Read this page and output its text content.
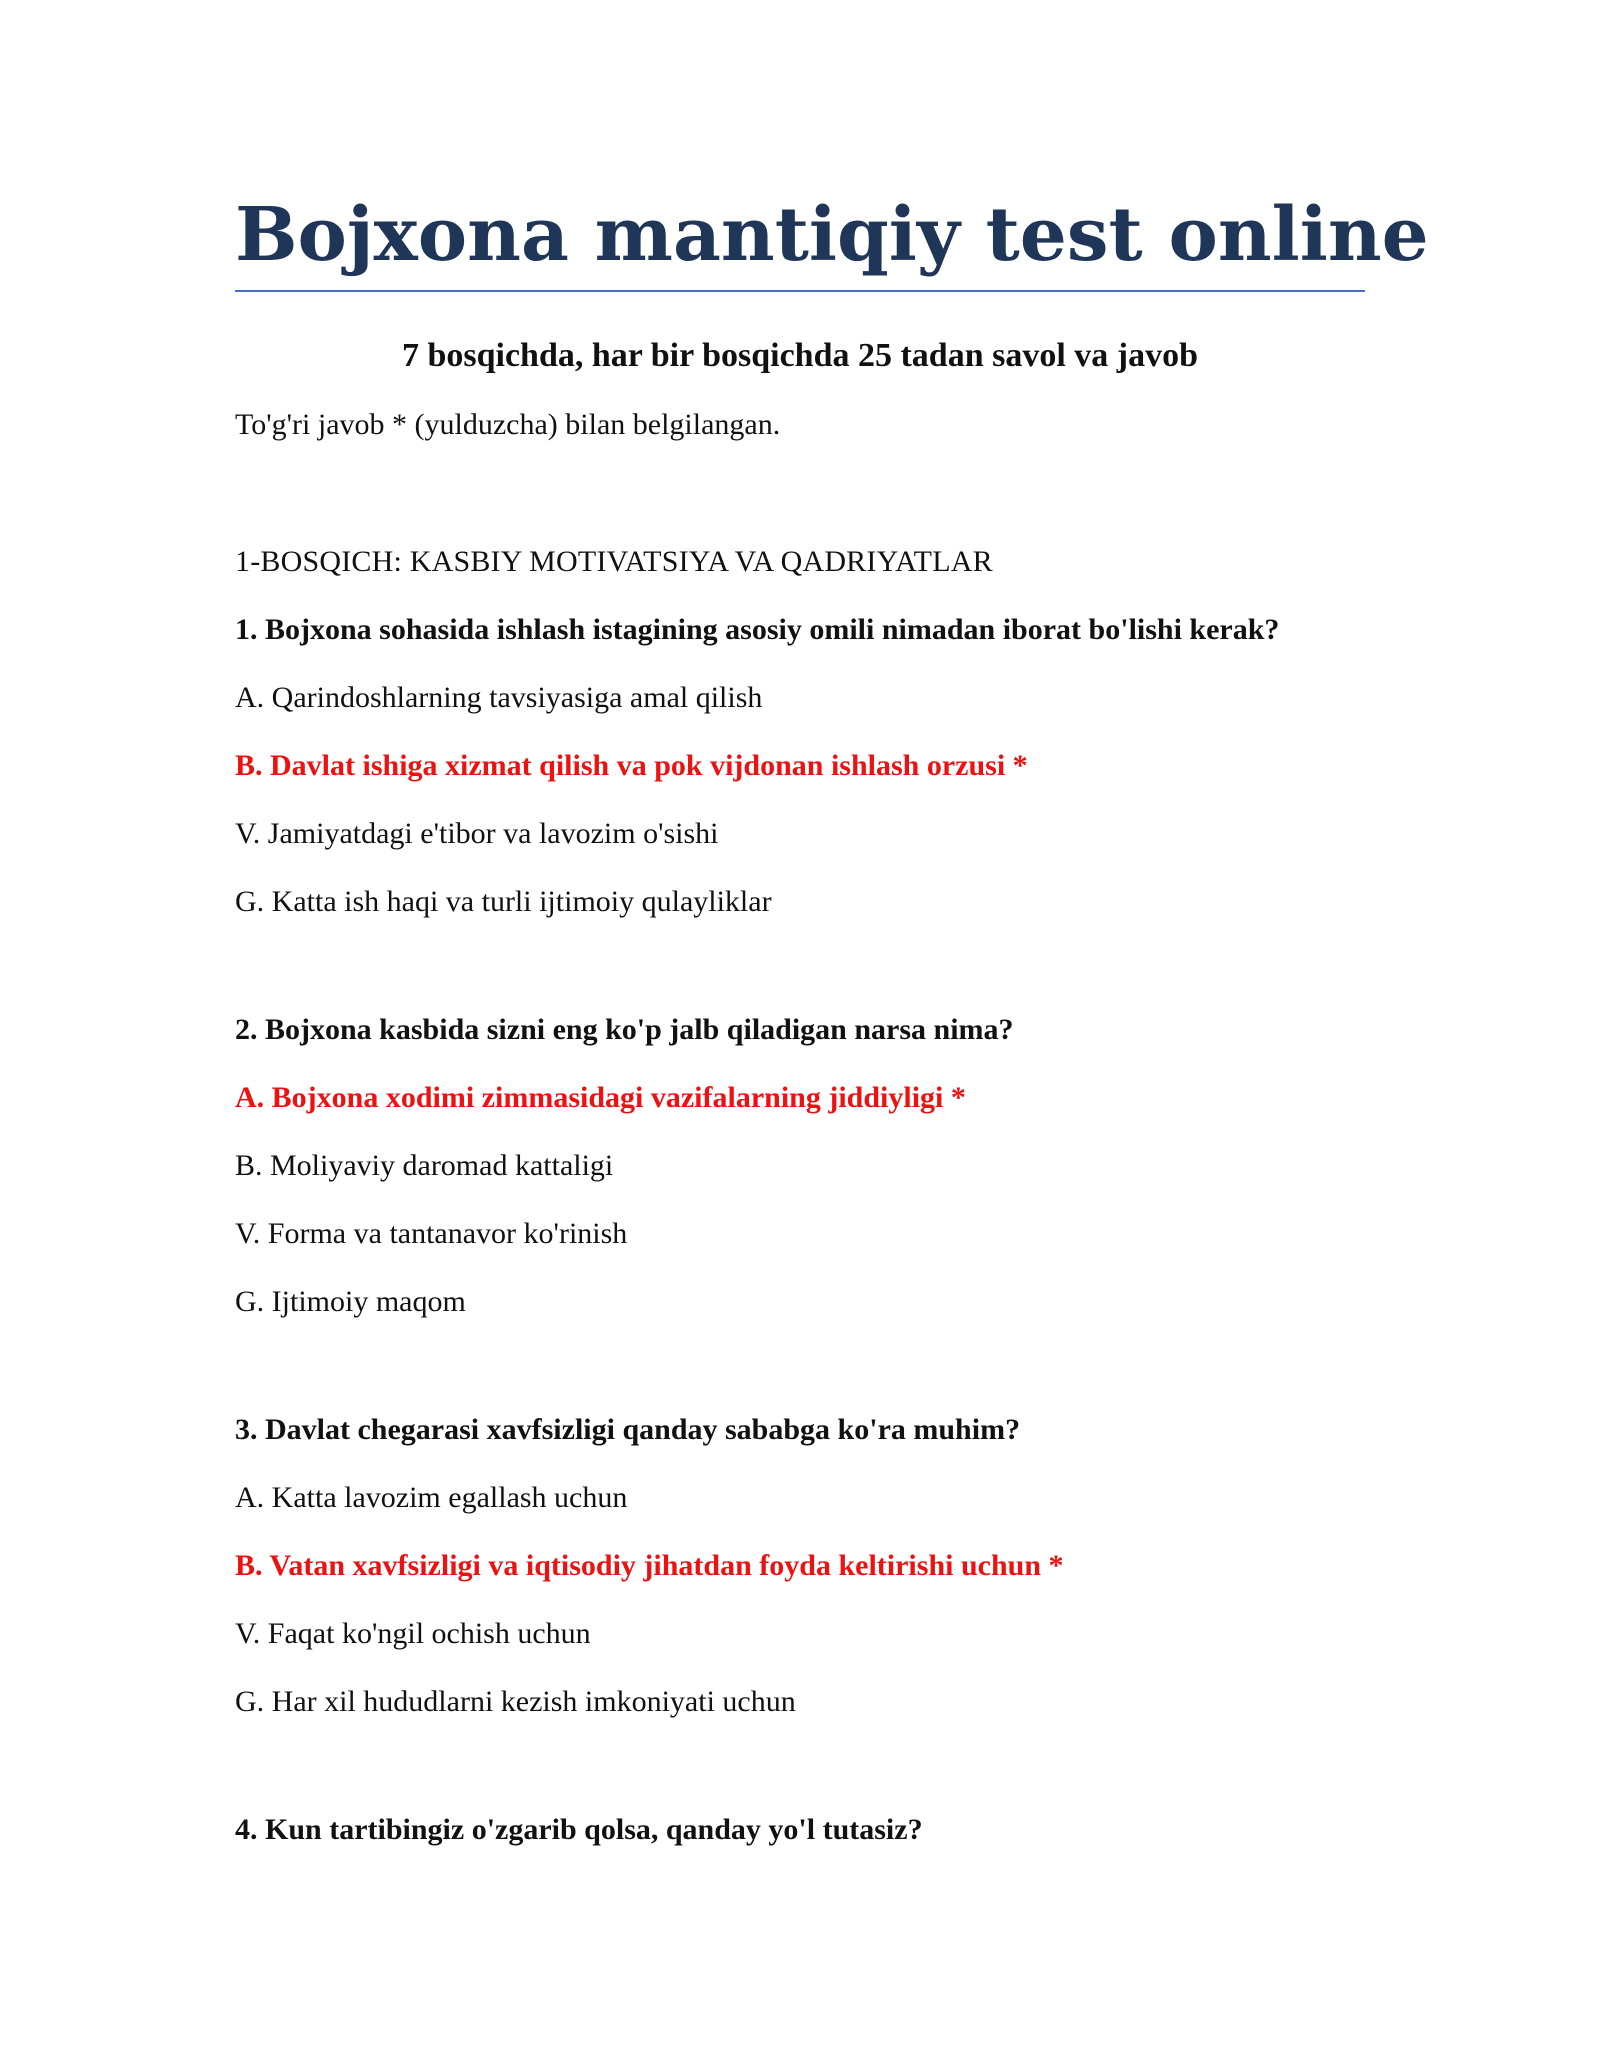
Bojxona mantiqiy test online
7 bosqichda, har bir bosqichda 25 tadan savol va javob

To'g'ri javob * (yulduzcha) bilan belgilangan.

1-BOSQICH: KASBIY MOTIVATSIYA VA QADRIYATLAR

1. Bojxona sohasida ishlash istagining asosiy omili nimadan iborat bo'lishi kerak?

A. Qarindoshlarning tavsiyasiga amal qilish

B. Davlat ishiga xizmat qilish va pok vijdonan ishlash orzusi *

V. Jamiyatdagi e'tibor va lavozim o'sishi

G. Katta ish haqi va turli ijtimoiy qulayliklar

2. Bojxona kasbida sizni eng ko'p jalb qiladigan narsa nima?

A. Bojxona xodimi zimmasidagi vazifalarning jiddiyligi *

B. Moliyaviy daromad kattaligi

V. Forma va tantanavor ko'rinish

G. Ijtimoiy maqom

3. Davlat chegarasi xavfsizligi qanday sababga ko'ra muhim?

A. Katta lavozim egallash uchun

B. Vatan xavfsizligi va iqtisodiy jihatdan foyda keltirishi uchun *

V. Faqat ko'ngil ochish uchun

G. Har xil hududlarni kezish imkoniyati uchun

4. Kun tartibingiz o'zgarib qolsa, qanday yo'l tutasiz?
